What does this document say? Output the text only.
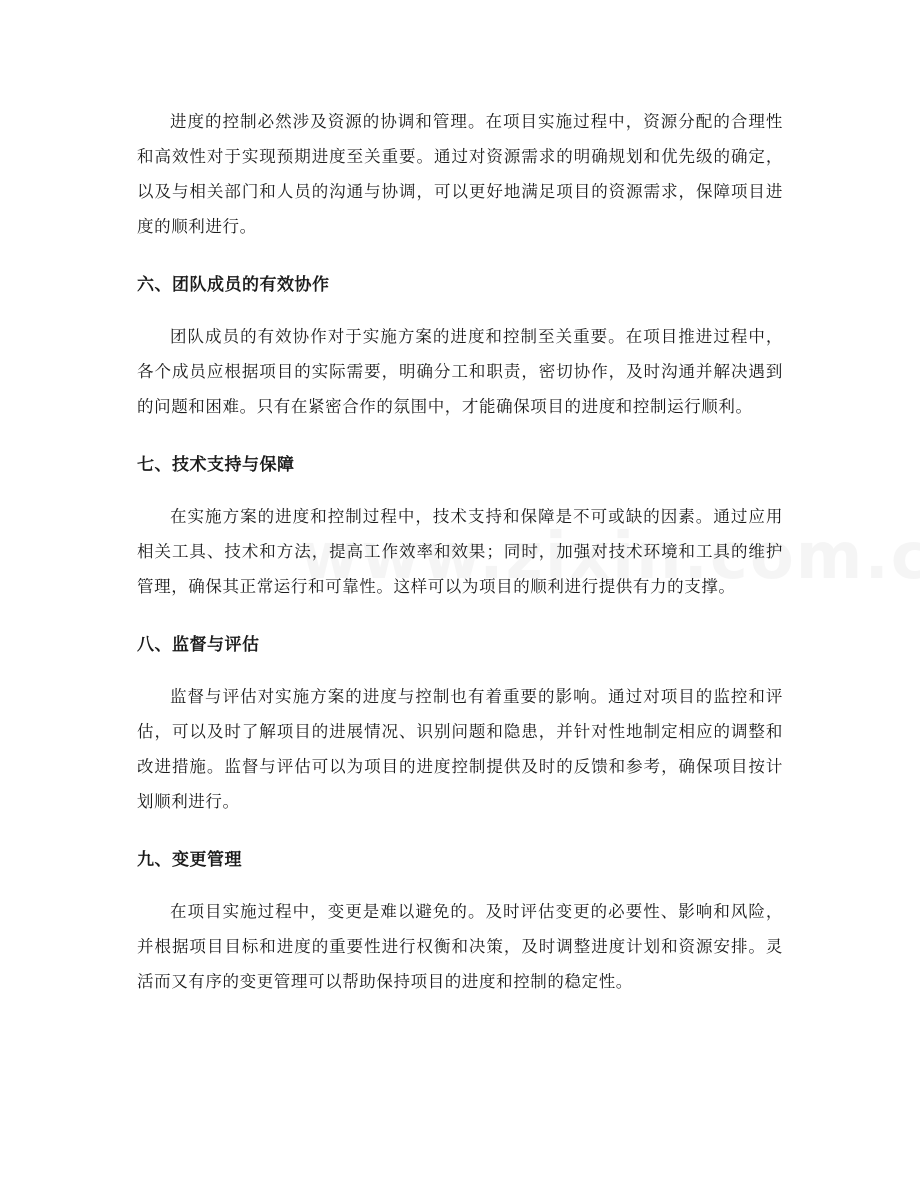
进度的控制必然涉及资源的协调和管理。在项目实施过程中，资源分配的合理性和高效性对于实现预期进度至关重要。通过对资源需求的明确规划和优先级的确定，以及与相关部门和人员的沟通与协调，可以更好地满足项目的资源需求，保障项目进度的顺利进行。

六、团队成员的有效协作

团队成员的有效协作对于实施方案的进度和控制至关重要。在项目推进过程中，各个成员应根据项目的实际需要，明确分工和职责，密切协作，及时沟通并解决遇到的问题和困难。只有在紧密合作的氛围中，才能确保项目的进度和控制运行顺利。

七、技术支持与保障

在实施方案的进度和控制过程中，技术支持和保障是不可或缺的因素。通过应用相关工具、技术和方法，提高工作效率和效果；同时，加强对技术环境和工具的维护管理，确保其正常运行和可靠性。这样可以为项目的顺利进行提供有力的支撑。

八、监督与评估

监督与评估对实施方案的进度与控制也有着重要的影响。通过对项目的监控和评估，可以及时了解项目的进展情况、识别问题和隐患，并针对性地制定相应的调整和改进措施。监督与评估可以为项目的进度控制提供及时的反馈和参考，确保项目按计划顺利进行。

九、变更管理

在项目实施过程中，变更是难以避免的。及时评估变更的必要性、影响和风险，并根据项目目标和进度的重要性进行权衡和决策，及时调整进度计划和资源安排。灵活而又有序的变更管理可以帮助保持项目的进度和控制的稳定性。
